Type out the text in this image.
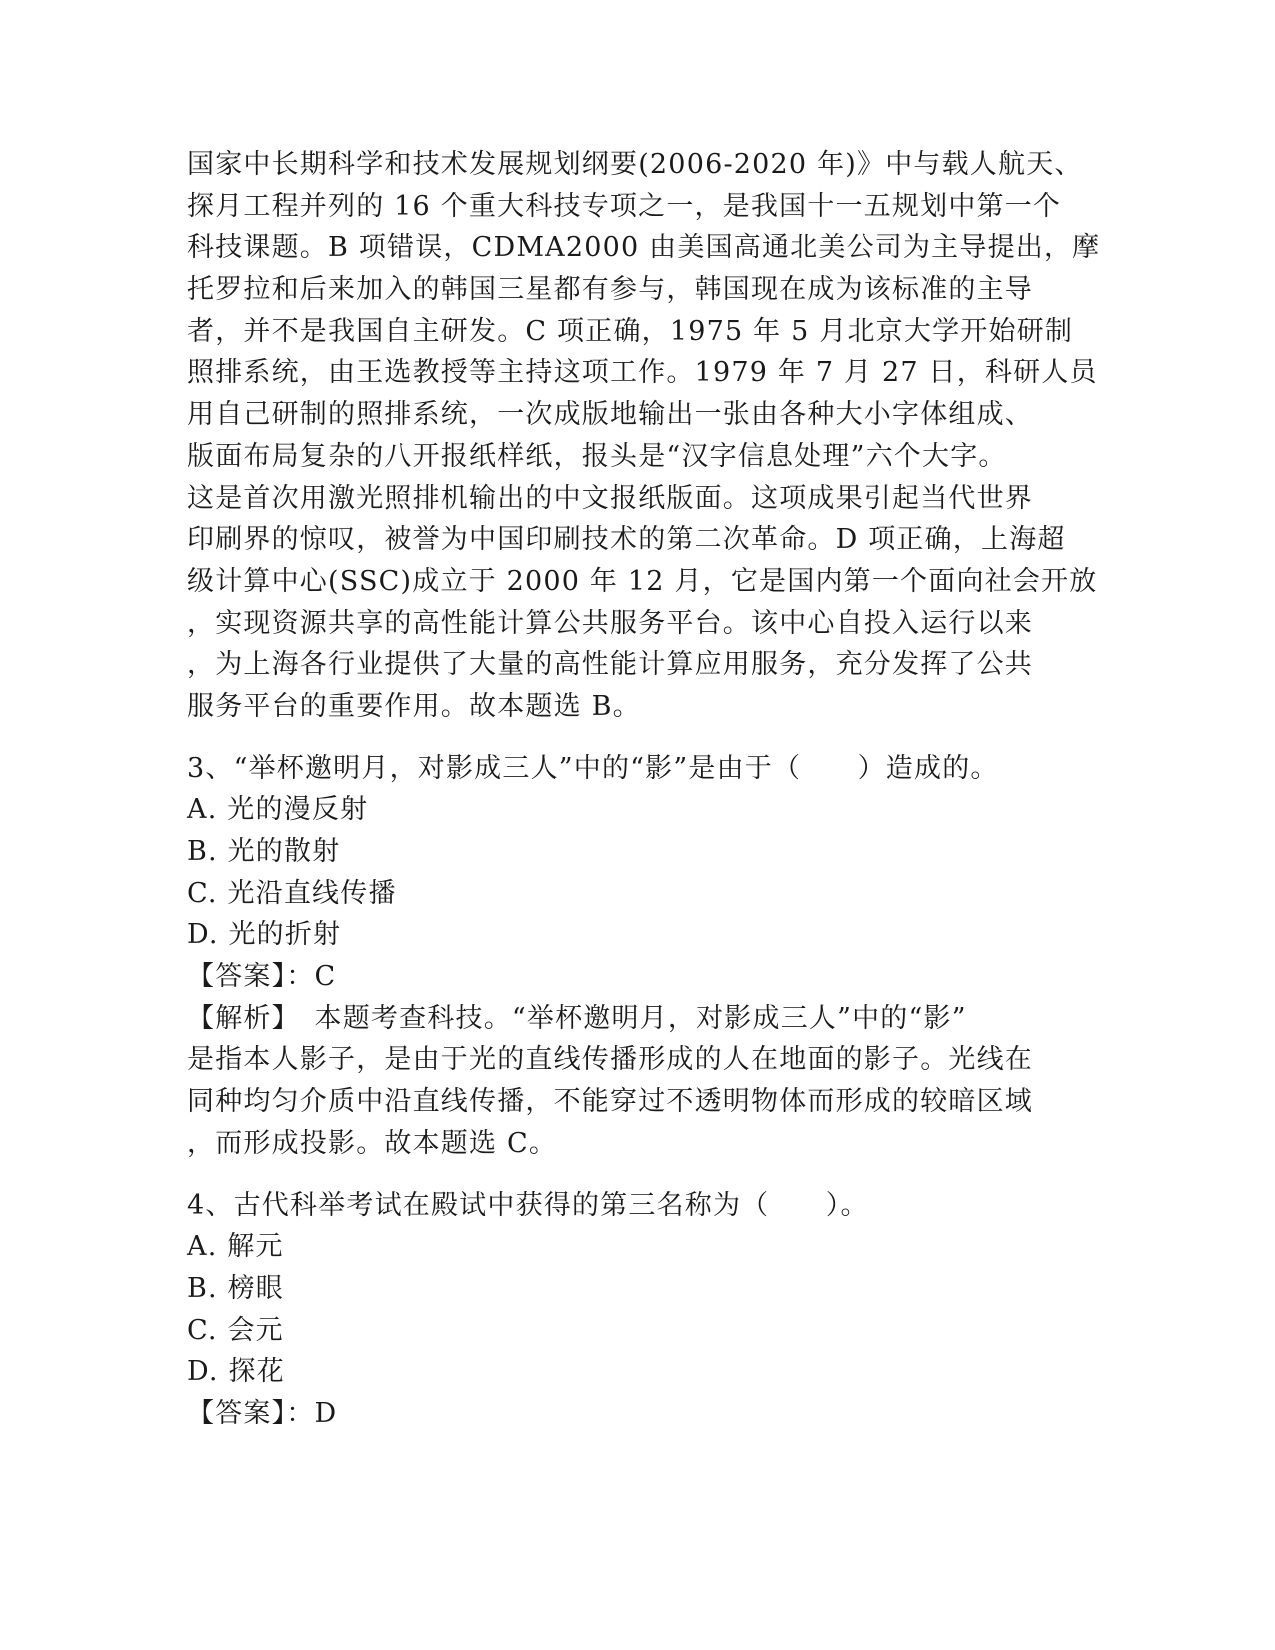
国家中长期科学和技术发展规划纲要(2006-2020 年)》中与载人航天、
探月工程并列的 16 个重大科技专项之一，是我国十一五规划中第一个
科技课题。B 项错误，CDMA2000 由美国高通北美公司为主导提出，摩
托罗拉和后来加入的韩国三星都有参与，韩国现在成为该标准的主导
者，并不是我国自主研发。C 项正确，1975 年 5 月北京大学开始研制
照排系统，由王选教授等主持这项工作。1979 年 7 月 27 日，科研人员
用自己研制的照排系统，一次成版地输出一张由各种大小字体组成、
版面布局复杂的八开报纸样纸，报头是“汉字信息处理”六个大字。
这是首次用激光照排机输出的中文报纸版面。这项成果引起当代世界
印刷界的惊叹，被誉为中国印刷技术的第二次革命。D 项正确，上海超
级计算中心(SSC)成立于 2000 年 12 月，它是国内第一个面向社会开放
，实现资源共享的高性能计算公共服务平台。该中心自投入运行以来
，为上海各行业提供了大量的高性能计算应用服务，充分发挥了公共
服务平台的重要作用。故本题选 B。
3、“举杯邀明月，对影成三人”中的“影”是由于（　　）造成的。
A. 光的漫反射
B. 光的散射
C. 光沿直线传播
D. 光的折射
【答案】：C
【解析】　本题考查科技。“举杯邀明月，对影成三人”中的“影”
是指本人影子，是由于光的直线传播形成的人在地面的影子。光线在
同种均匀介质中沿直线传播，不能穿过不透明物体而形成的较暗区域
，而形成投影。故本题选 C。
4、古代科举考试在殿试中获得的第三名称为（　　）。
A. 解元
B. 榜眼
C. 会元
D. 探花
【答案】：D
